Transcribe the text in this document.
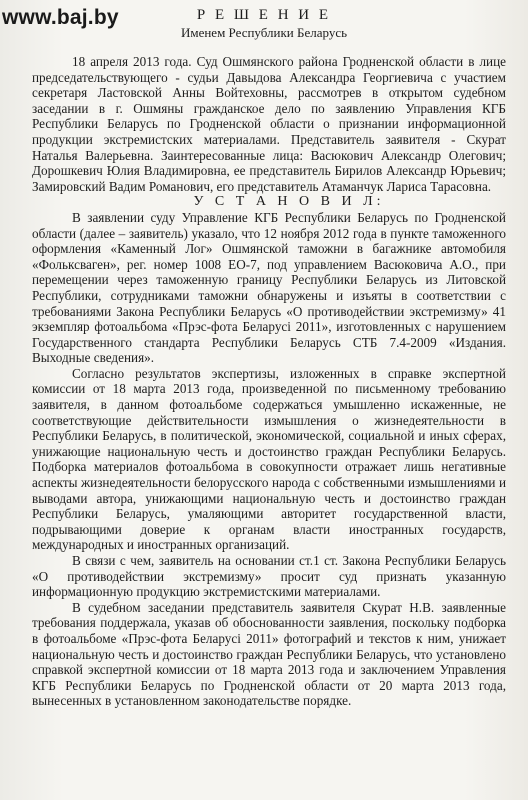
www.baj.by	Р Е Ш Е Н И Е
Именем Республики Беларусь

18 апреля 2013 года. Суд Ошмянского района Гродненской области в лице председательствующего - судьи Давыдова Александра Георгиевича с участием секретаря Ластовской Анны Войтеховны, рассмотрев в открытом судебном заседании в г. Ошмяны гражданское дело по заявлению Управления КГБ Республики Беларусь по Гродненской области о признании информационной продукции экстремистских материалами. Представитель заявителя - Скурат Наталья Валерьевна. Заинтересованные лица: Васюкович Александр Олегович; Дорошкевич Юлия Владимировна, ее представитель Бирилов Александр Юрьевич; Замировский Вадим Романович, его представитель Атаманчук Лариса Тарасовна.

У С Т А Н О В И Л:

В заявлении суду Управление КГБ Республики Беларусь по Гродненской области (далее – заявитель) указало, что 12 ноября 2012 года в пункте таможенного оформления «Каменный Лог» Ошмянской таможни в багажнике автомобиля «Фольксваген», рег. номер 1008 ЕО-7, под управлением Васюковича А.О., при перемещении через таможенную границу Республики Беларусь из Литовской Республики, сотрудниками таможни обнаружены и изъяты в соответствии с требованиями Закона Республики Беларусь «О противодействии экстремизму» 41 экземпляр фотоальбома «Прэс-фота Беларусi 2011», изготовленных с нарушением Государственного стандарта Республики Беларусь СТБ 7.4-2009 «Издания. Выходные сведения».

Согласно результатов экспертизы, изложенных в справке экспертной комиссии от 18 марта 2013 года, произведенной по письменному требованию заявителя, в данном фотоальбоме содержаться умышленно искаженные, не соответствующие действительности измышления о жизнедеятельности в Республики Беларусь, в политической, экономической, социальной и иных сферах, унижающие национальную честь и достоинство граждан Республики Беларусь. Подборка материалов фотоальбома в совокупности отражает лишь негативные аспекты жизнедеятельности белорусского народа с собственными измышлениями и выводами автора, унижающими национальную честь и достоинство граждан Республики Беларусь, умаляющими авторитет государственной власти, подрывающими доверие к органам власти иностранных государств, международных и иностранных организаций.

В связи с чем, заявитель на основании ст.1 ст. Закона Республики Беларусь «О противодействии экстремизму» просит суд признать указанную информационную продукцию экстремистскими материалами.

В судебном заседании представитель заявителя Скурат Н.В. заявленные требования поддержала, указав об обоснованности заявления, поскольку подборка в фотоальбоме «Прэс-фота Беларусi 2011» фотографий и текстов к ним, унижает национальную честь и достоинство граждан Республики Беларусь, что установлено справкой экспертной комиссии от 18 марта 2013 года и заключением Управления КГБ Республики Беларусь по Гродненской области от 20 марта 2013 года, вынесенных в установленном законодательстве порядке.
